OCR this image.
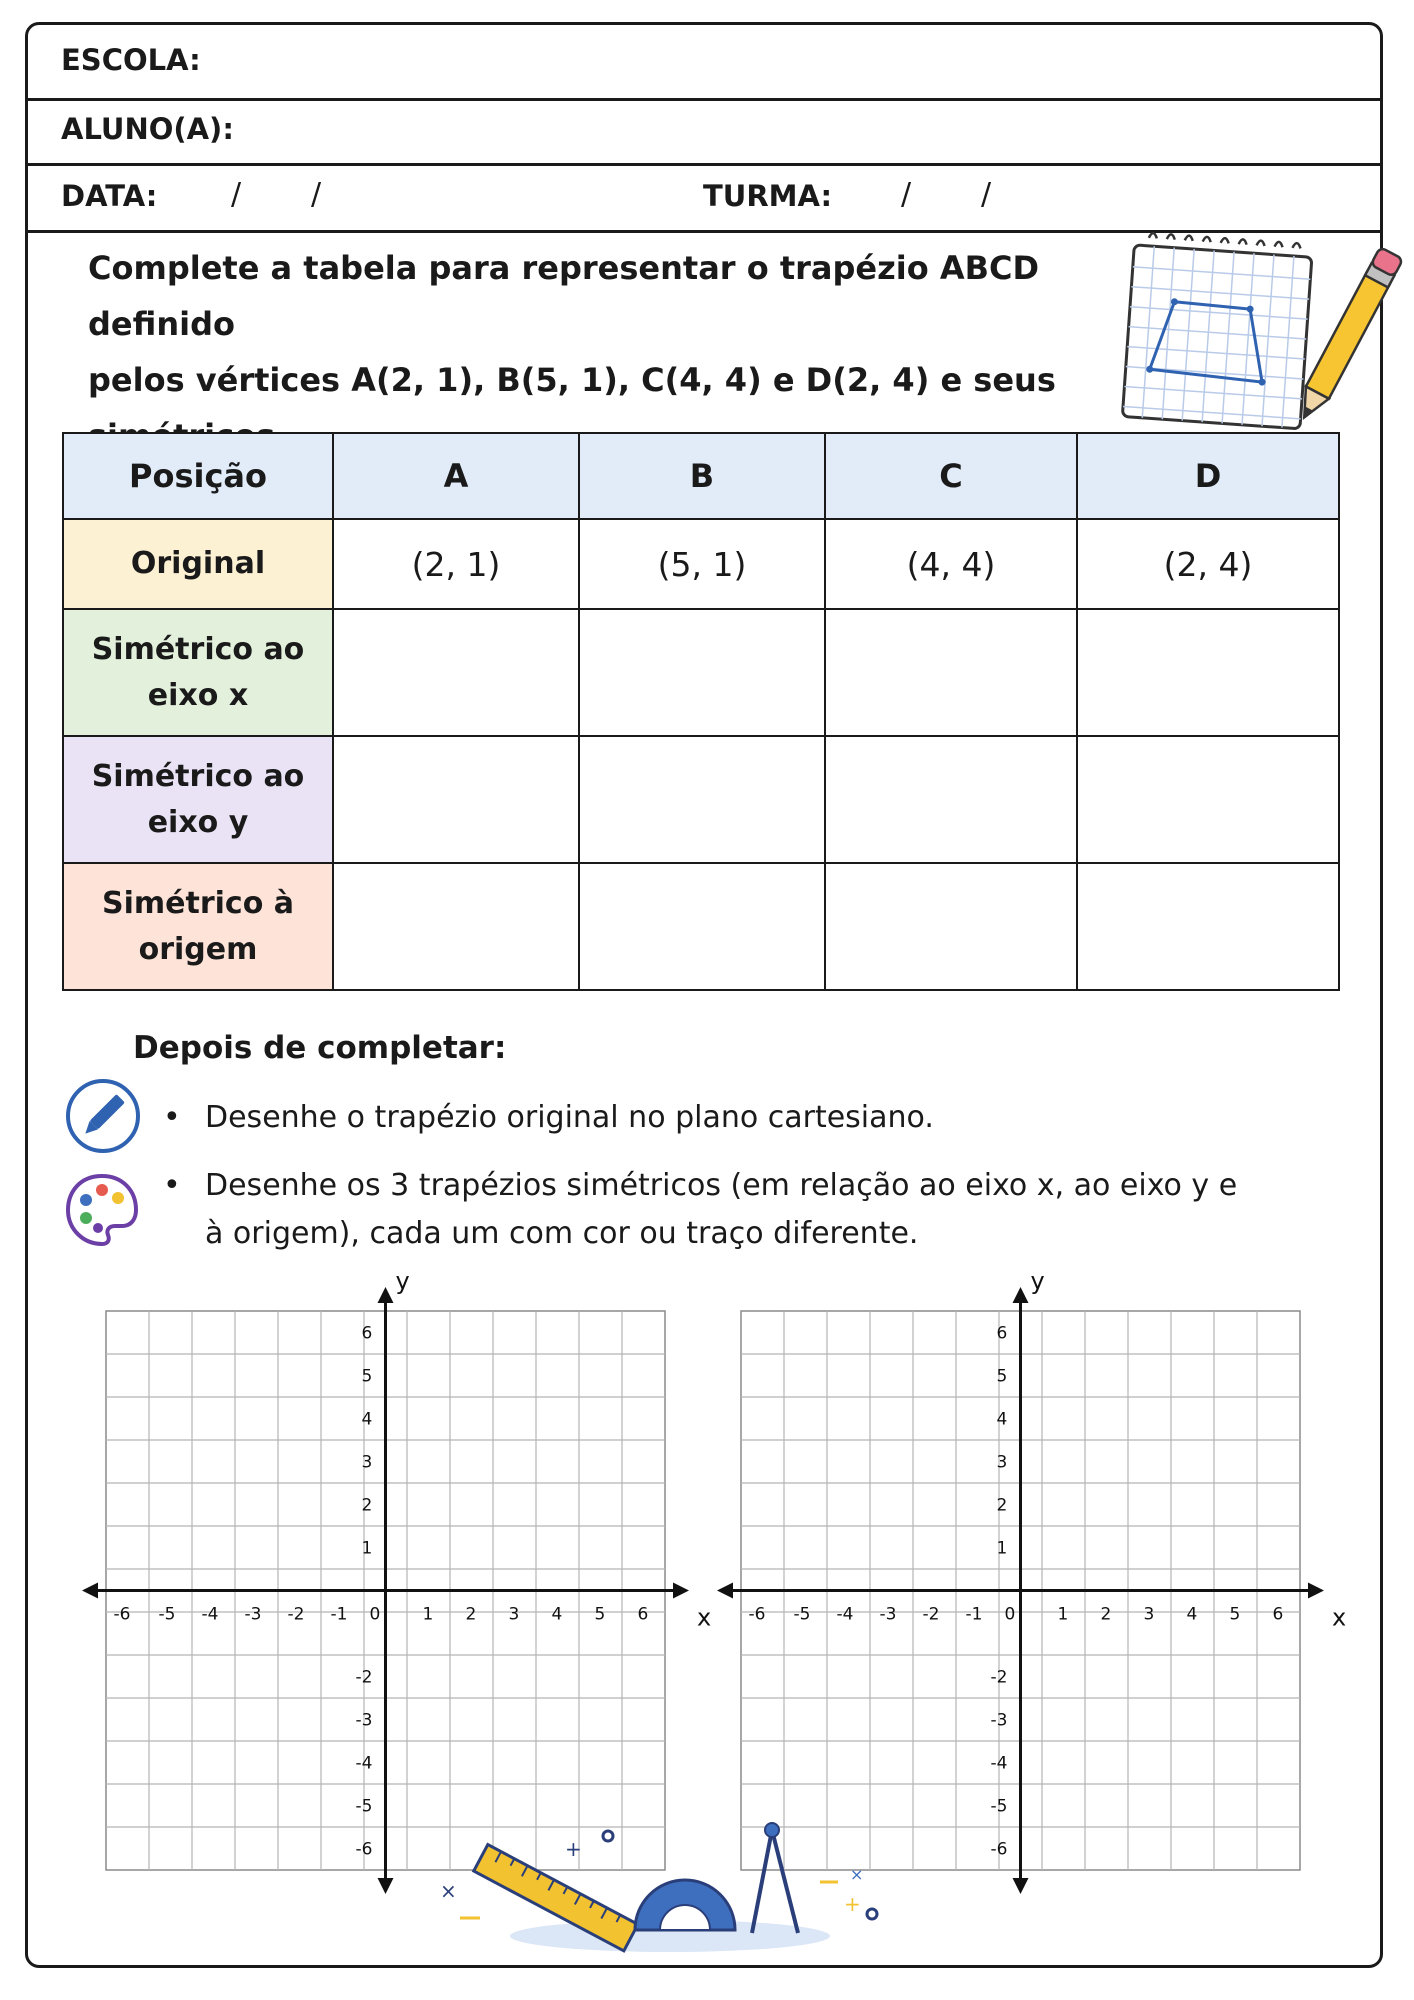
ESCOLA:
ALUNO(A):
DATA: / /	TURMA: / /
Complete a tabela para representar o trapézio ABCD definido
pelos vértices A(2, 1), B(5, 1), C(4, 4) e D(2, 4) e seus
Posição	A	B	C	D

Original	(2, 1)	(5, 1)	(4, 4)	(2, 4)

Simétrico ao
eixo x				

Simétrico ao
eixo y				

Simétrico à
origem				

Depois de completar:
• Desenhe o trapézio original no plano cartesiano.
• Desenhe os 3 trapézios simétricos (em relação ao eixo x, ao eixo y e
à origem), cada um com cor ou traço diferente.
x
y
-6 -5 -4 -3 -2 -1 0 1 2 3 4 5 6
6
5
4
3
2
1
-2
-3
-4
-5
-6
x
y
-6 -5 -4 -3 -2 -1 0 1 2 3 4 5 6
6
5
4
3
2
1
-2
-3
-4
-5
-6
×
+
×
+
